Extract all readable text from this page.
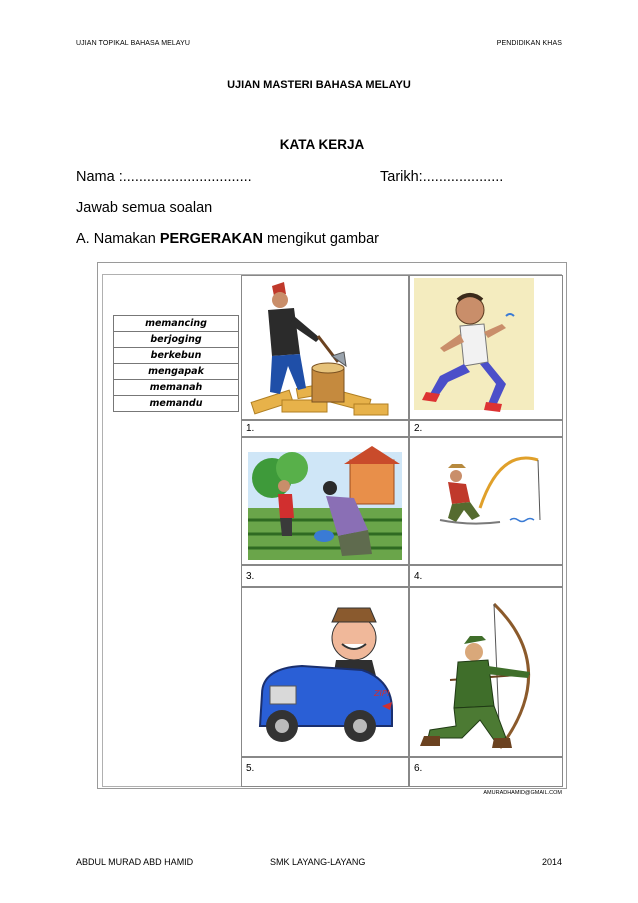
UJIAN TOPIKAL BAHASA MELAYU	PENDIDIKAN KHAS
UJIAN MASTERI BAHASA MELAYU
KATA KERJA
Nama :................................	Tarikh:....................
Jawab semua soalan
A. Namakan PERGERAKAN mengikut gambar
memancing
berjoging
berkebun
mengapak
memanah
memandu
1.	2.
3.	4.
ZIP!
5.	6.
AMURADHAMID@GMAIL.COM
ABDUL MURAD ABD HAMID	SMK LAYANG-LAYANG	2014
